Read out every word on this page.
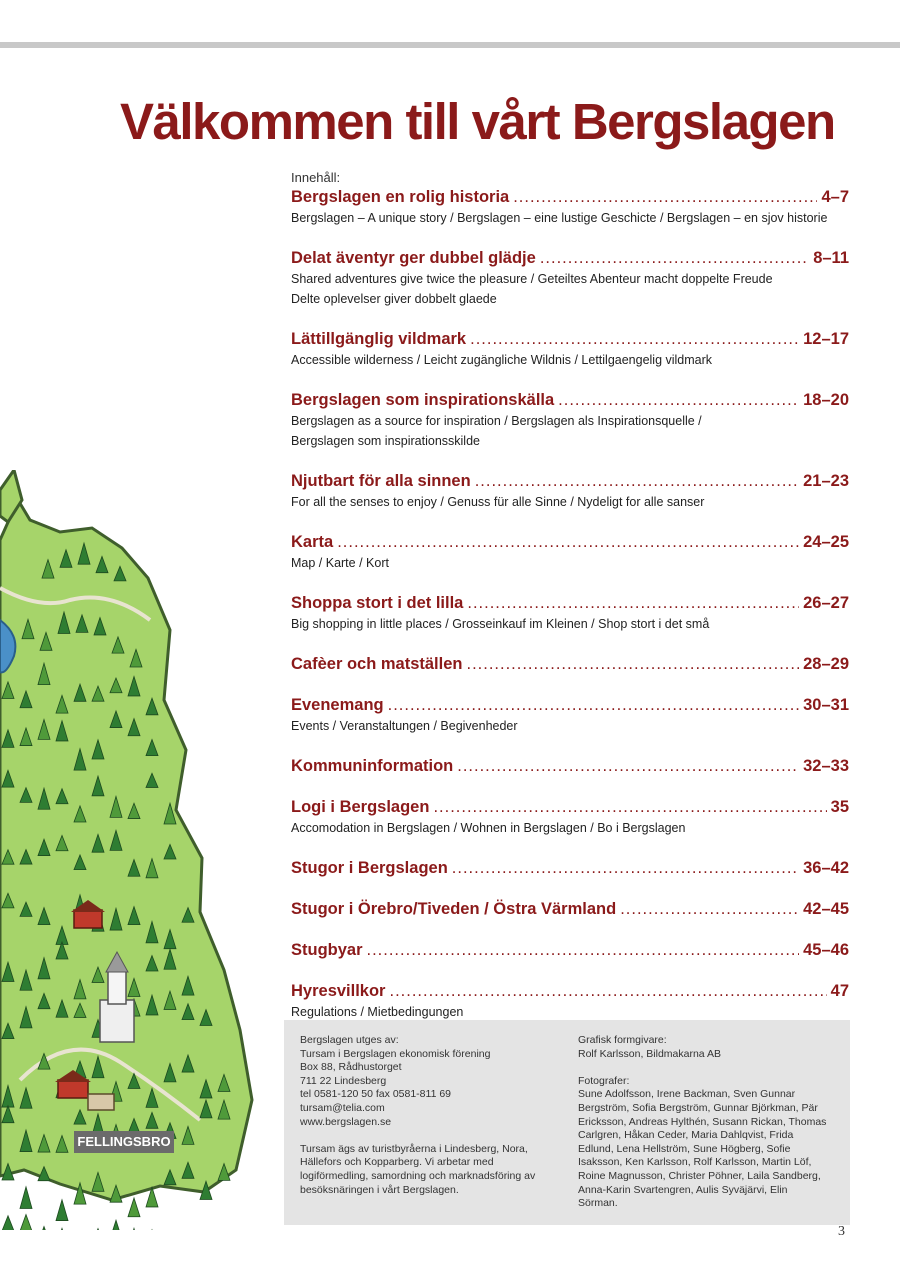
Välkommen till vårt Bergslagen
FELLINGSBRO
Innehåll:
Bergslagen en rolig historia .....	4–7
Bergslagen – A unique story / Bergslagen – eine lustige Geschicte / Bergslagen – en sjov historie
Delat äventyr ger dubbel glädje .....	8–11
Shared adventures give twice the pleasure / Geteiltes Abenteur macht doppelte Freude
Delte oplevelser giver dobbelt glaede
Lättillgänglig vildmark .....	12–17
Accessible wilderness / Leicht zugängliche Wildnis / Lettilgaengelig vildmark
Bergslagen som inspirationskälla .....	18–20
Bergslagen as a source for inspiration / Bergslagen als Inspirationsquelle /
Bergslagen som inspirationsskilde
Njutbart för alla sinnen .....	21–23
For all the senses to enjoy / Genuss für alle Sinne / Nydeligt for alle sanser
Karta .....	24–25
Map / Karte / Kort
Shoppa stort i det lilla .....	26–27
Big shopping in little places / Grosseinkauf im Kleinen / Shop stort i det små
Cafèer och matställen .....	28–29
Evenemang .....	30–31
Events / Veranstaltungen / Begivenheder
Kommuninformation .....	32–33
Logi i Bergslagen .....	35
Accomodation in Bergslagen / Wohnen in Bergslagen / Bo i Bergslagen
Stugor i Bergslagen .....	36–42
Stugor i Örebro/Tiveden / Östra Värmland .....	42–45
Stugbyar .....	45–46
Hyresvillkor .....	47
Regulations / Mietbedingungen

Bergslagen utges av:

Tursam i Bergslagen ekonomisk förening

Box 88, Rådhustorget

711 22 Lindesberg

tel 0581-120 50 fax 0581-811 69

tursam@telia.com

www.bergslagen.se

Tursam ägs av turistbyråerna i Lindesberg, Nora,

Hällefors och Kopparberg. Vi arbetar med

logiförmedling, samordning och marknadsföring av

besöksnäringen i vårt Bergslagen.

Grafisk formgivare:

Rolf Karlsson, Bildmakarna AB

Fotografer:

Sune Adolfsson, Irene Backman, Sven Gunnar

Bergström, Sofia Bergström, Gunnar Björkman, Pär

Ericksson, Andreas Hylthén, Susann Rickan, Thomas

Carlgren, Håkan Ceder, Maria Dahlqvist, Frida

Edlund, Lena Hellström, Sune Högberg, Sofie

Isaksson, Ken Karlsson, Rolf Karlsson, Martin Löf,

Roine Magnusson, Christer Pöhner, Laila Sandberg,

Anna-Karin Svartengren, Aulis Syväjärvi, Elin

Sörman.

3
